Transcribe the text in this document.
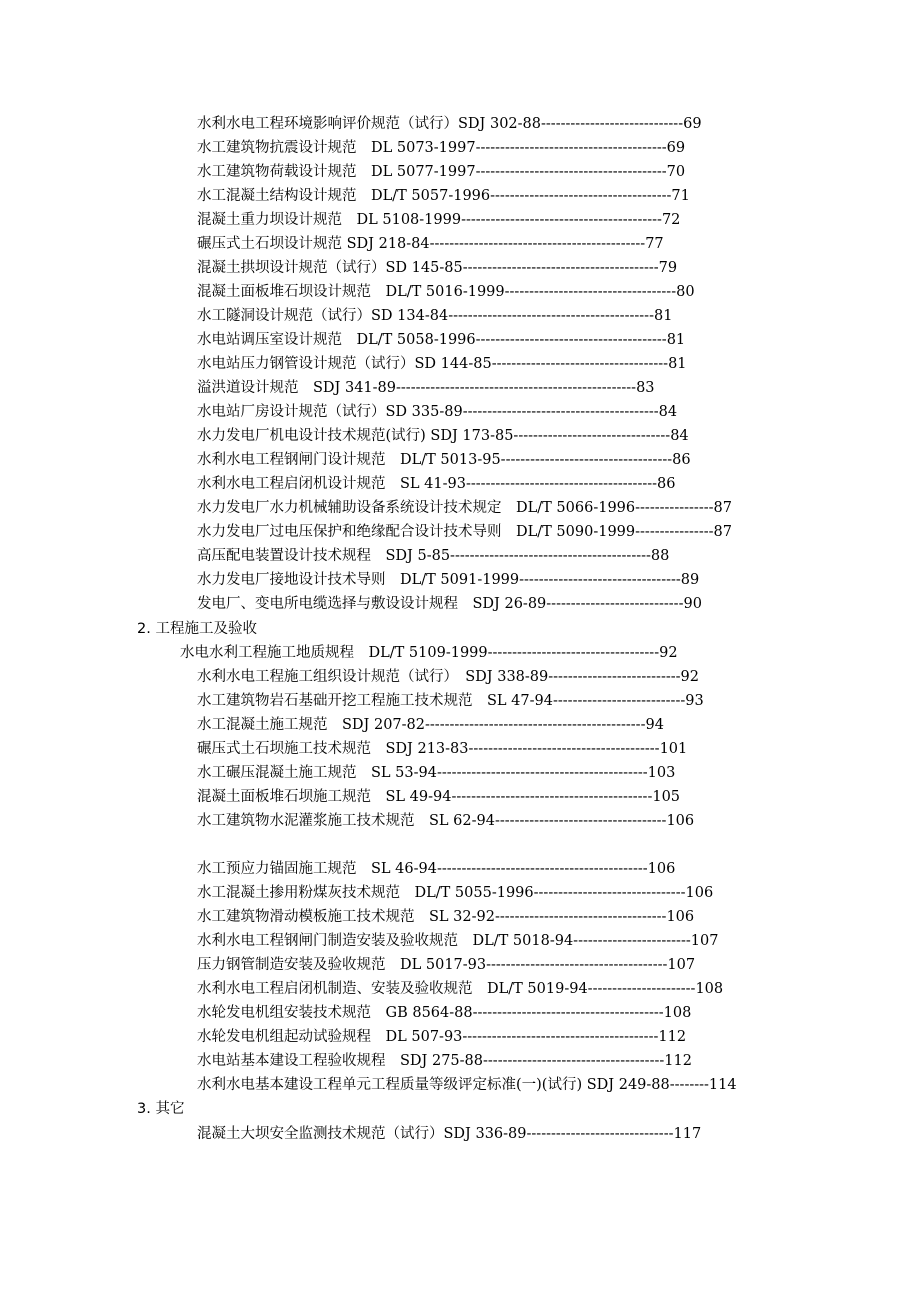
水利水电工程环境影响评价规范（试行）SDJ 302-88-----------------------------69
水工建筑物抗震设计规范　DL 5073-1997---------------------------------------69
水工建筑物荷载设计规范　DL 5077-1997---------------------------------------70
水工混凝土结构设计规范　DL/T 5057-1996-------------------------------------71
混凝土重力坝设计规范　DL 5108-1999-----------------------------------------72
碾压式土石坝设计规范 SDJ 218-84--------------------------------------------77
混凝土拱坝设计规范（试行）SD 145-85----------------------------------------79
混凝土面板堆石坝设计规范　DL/T 5016-1999-----------------------------------80
水工隧洞设计规范（试行）SD 134-84------------------------------------------81
水电站调压室设计规范　DL/T 5058-1996---------------------------------------81
水电站压力钢管设计规范（试行）SD 144-85------------------------------------81
溢洪道设计规范　SDJ 341-89-------------------------------------------------83
水电站厂房设计规范（试行）SD 335-89----------------------------------------84
水力发电厂机电设计技术规范(试行) SDJ 173-85--------------------------------84
水利水电工程钢闸门设计规范　DL/T 5013-95-----------------------------------86
水利水电工程启闭机设计规范　SL 41-93---------------------------------------86
水力发电厂水力机械辅助设备系统设计技术规定　DL/T 5066-1996----------------87
水力发电厂过电压保护和绝缘配合设计技术导则　DL/T 5090-1999----------------87
高压配电装置设计技术规程　SDJ 5-85-----------------------------------------88
水力发电厂接地设计技术导则　DL/T 5091-1999---------------------------------89
发电厂、变电所电缆选择与敷设设计规程　SDJ 26-89----------------------------90
2. 工程施工及验收
水电水利工程施工地质规程　DL/T 5109-1999-----------------------------------92
水利水电工程施工组织设计规范（试行）　SDJ 338-89---------------------------92
水工建筑物岩石基础开挖工程施工技术规范　SL 47-94---------------------------93
水工混凝土施工规范　SDJ 207-82---------------------------------------------94
碾压式土石坝施工技术规范　SDJ 213-83---------------------------------------101
水工碾压混凝土施工规范　SL 53-94-------------------------------------------103
混凝土面板堆石坝施工规范　SL 49-94-----------------------------------------105
水工建筑物水泥灌浆施工技术规范　SL 62-94-----------------------------------106
水工预应力锚固施工规范　SL 46-94-------------------------------------------106
水工混凝土掺用粉煤灰技术规范　DL/T 5055-1996-------------------------------106
水工建筑物滑动模板施工技术规范　SL 32-92-----------------------------------106
水利水电工程钢闸门制造安装及验收规范　DL/T 5018-94------------------------107
压力钢管制造安装及验收规范　DL 5017-93-------------------------------------107
水利水电工程启闭机制造、安装及验收规范　DL/T 5019-94----------------------108
水轮发电机组安装技术规范　GB 8564-88---------------------------------------108
水轮发电机组起动试验规程　DL 507-93----------------------------------------112
水电站基本建设工程验收规程　SDJ 275-88-------------------------------------112
水利水电基本建设工程单元工程质量等级评定标准(一)(试行) SDJ 249-88--------114
3. 其它
混凝土大坝安全监测技术规范（试行）SDJ 336-89------------------------------117
